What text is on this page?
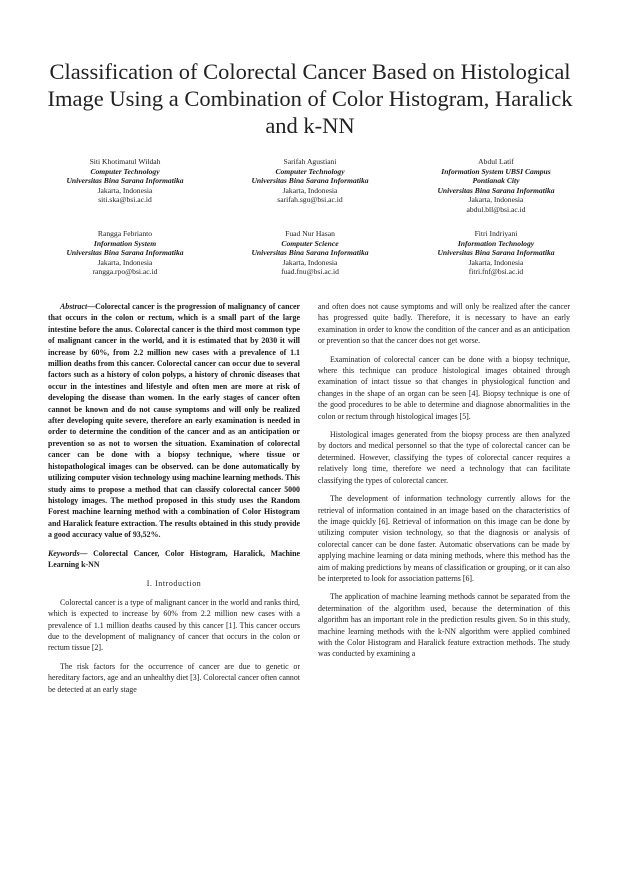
Classification of Colorectal Cancer Based on Histological Image Using a Combination of Color Histogram, Haralick and k-NN
Siti Khotimatul Wildah
Computer Technology
Universitas Bina Sarana Informatika
Jakarta, Indonesia
siti.ska@bsi.ac.id
Sarifah Agustiani
Computer Technology
Universitas Bina Sarana Informatika
Jakarta, Indonesia
sarifah.sgu@bsi.ac.id
Abdul Latif
Information System UBSI Campus
Pontianak City
Universitas Bina Sarana Informatika
Jakarta, Indonesia
abdul.bll@bsi.ac.id
Rangga Febrianto
Information System
Universitas Bina Sarana Informatika
Jakarta, Indonesia
rangga.rpo@bsi.ac.id
Fuad Nur Hasan
Computer Science
Universitas Bina Sarana Informatika
Jakarta, Indonesia
fuad.fnu@bsi.ac.id
Fitri Indriyani
Information Technology
Universitas Bina Sarana Informatika
Jakarta, Indonesia
fitri.fnf@bsi.ac.id

Abstract—Colorectal cancer is the progression of malignancy of cancer that occurs in the colon or rectum, which is a small part of the large intestine before the anus. Colorectal cancer is the third most common type of malignant cancer in the world, and it is estimated that by 2030 it will increase by 60%, from 2.2 million new cases with a prevalence of 1.1 million deaths from this cancer. Colorectal cancer can occur due to several factors such as a history of colon polyps, a history of chronic diseases that occur in the intestines and lifestyle and often men are more at risk of developing the disease than women. In the early stages of cancer often cannot be known and do not cause symptoms and will only be realized after developing quite severe, therefore an early examination is needed in order to determine the condition of the cancer and as an anticipation or prevention so as not to worsen the situation. Examination of colorectal cancer can be done with a biopsy technique, where tissue or histopathological images can be observed. can be done automatically by utilizing computer vision technology using machine learning methods. This study aims to propose a method that can classify colorectal cancer 5000 histology images. The method proposed in this study uses the Random Forest machine learning method with a combination of Color Histogram and Haralick feature extraction. The results obtained in this study provide a good accuracy value of 93,52%.

Keywords— Colorectal Cancer, Color Histogram, Haralick, Machine Learning k-NN

I. Introduction

Colorectal cancer is a type of malignant cancer in the world and ranks third, which is expected to increase by 60% from 2.2 million new cases with a prevalence of 1.1 million deaths caused by this cancer [1]. This cancer occurs due to the development of malignancy of cancer that occurs in the colon or rectum tissue [2].

The risk factors for the occurrence of cancer are due to genetic or hereditary factors, age and an unhealthy diet [3]. Colorectal cancer often cannot be detected at an early stage

and often does not cause symptoms and will only be realized after the cancer has progressed quite badly. Therefore, it is necessary to have an early examination in order to know the condition of the cancer and as an anticipation or prevention so that the cancer does not get worse.

Examination of colorectal cancer can be done with a biopsy technique, where this technique can produce histological images obtained through examination of intact tissue so that changes in physiological function and changes in the shape of an organ can be seen [4]. Biopsy technique is one of the good procedures to be able to determine and diagnose abnormalities in the colon or rectum through histological images [5].

Histological images generated from the biopsy process are then analyzed by doctors and medical personnel so that the type of colorectal cancer can be determined. However, classifying the types of colorectal cancer requires a relatively long time, therefore we need a technology that can facilitate classifying the types of colorectal cancer.

The development of information technology currently allows for the retrieval of information contained in an image based on the characteristics of the image quickly [6]. Retrieval of information on this image can be done by utilizing computer vision technology, so that the diagnosis or analysis of colorectal cancer can be done faster. Automatic observations can be made by applying machine learning or data mining methods, where this method has the aim of making predictions by means of classification or grouping, or it can also be interpreted to look for association patterns [6].

The application of machine learning methods cannot be separated from the determination of the algorithm used, because the determination of this algorithm has an important role in the prediction results given. So in this study, machine learning methods with the k-NN algorithm were applied combined with the Color Histogram and Haralick feature extraction methods. The study was conducted by examining a
